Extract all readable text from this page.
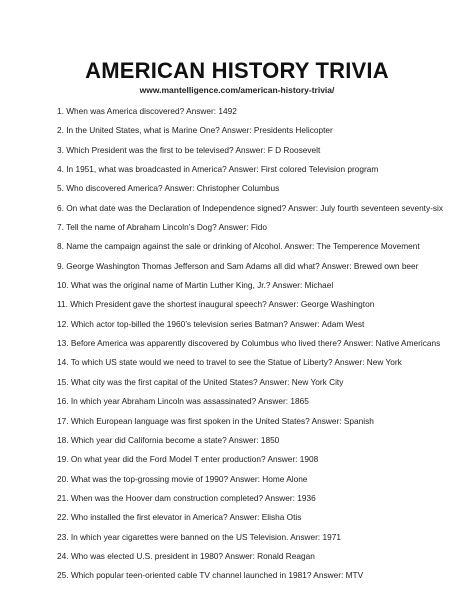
AMERICAN HISTORY TRIVIA
www.mantelligence.com/american-history-trivia/
1. When was America discovered? Answer: 1492
2. In the United States, what is Marine One? Answer: Presidents Helicopter
3. Which President was the first to be televised? Answer: F D Roosevelt
4. In 1951, what was broadcasted in America? Answer: First colored Television program
5. Who discovered America? Answer: Christopher Columbus
6. On what date was the Declaration of Independence signed? Answer: July fourth seventeen seventy-six
7. Tell the name of Abraham Lincoln’s Dog? Answer: Fido
8. Name the campaign against the sale or drinking of Alcohol. Answer: The Temperence Movement
9. George Washington Thomas Jefferson and Sam Adams all did what? Answer: Brewed own beer
10. What was the original name of Martin Luther King, Jr.? Answer: Michael
11. Which President gave the shortest inaugural speech? Answer: George Washington
12. Which actor top-billed the 1960’s television series Batman? Answer: Adam West
13. Before America was apparently discovered by Columbus who lived there? Answer: Native Americans
14. To which US state would we need to travel to see the Statue of Liberty? Answer: New York
15. What city was the first capital of the United States? Answer: New York City
16. In which year Abraham Lincoln was assassinated? Answer: 1865
17. Which European language was first spoken in the United States? Answer: Spanish
18. Which year did California become a state? Answer: 1850
19. On what year did the Ford Model T enter production? Answer: 1908
20. What was the top-grossing movie of 1990? Answer: Home Alone
21. When was the Hoover dam construction completed? Answer: 1936
22. Who installed the first elevator in America? Answer: Elisha Otis
23. In which year cigarettes were banned on the US Television. Answer: 1971
24. Who was elected U.S. president in 1980? Answer: Ronald Reagan
25. Which popular teen-oriented cable TV channel launched in 1981? Answer: MTV
